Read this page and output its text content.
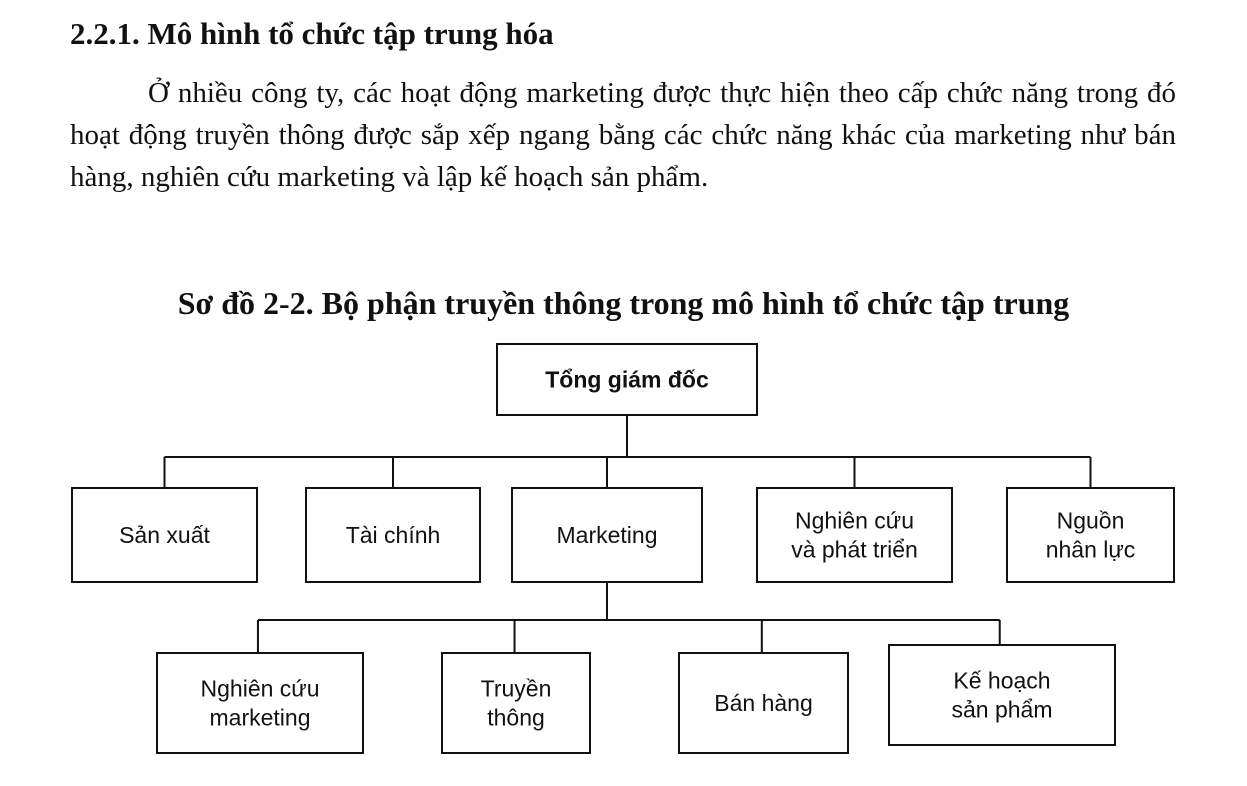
2.2.1. Mô hình tổ chức tập trung hóa

Ở nhiều công ty, các hoạt động marketing được thực hiện theo cấp chức năng trong đó hoạt động truyền thông được sắp xếp ngang bằng các chức năng khác của marketing như bán hàng, nghiên cứu marketing và lập kế hoạch sản phẩm.

Sơ đồ 2-2. Bộ phận truyền thông trong mô hình tổ chức tập trung

Tổng giám đốc
Sản xuất	Tài chính	Marketing
Nghiên cứu
và phát triển
Nguồn
nhân lực
Nghiên cứu
marketing
Truyền
thông
Bán hàng
Kế hoạch
sản phẩm
